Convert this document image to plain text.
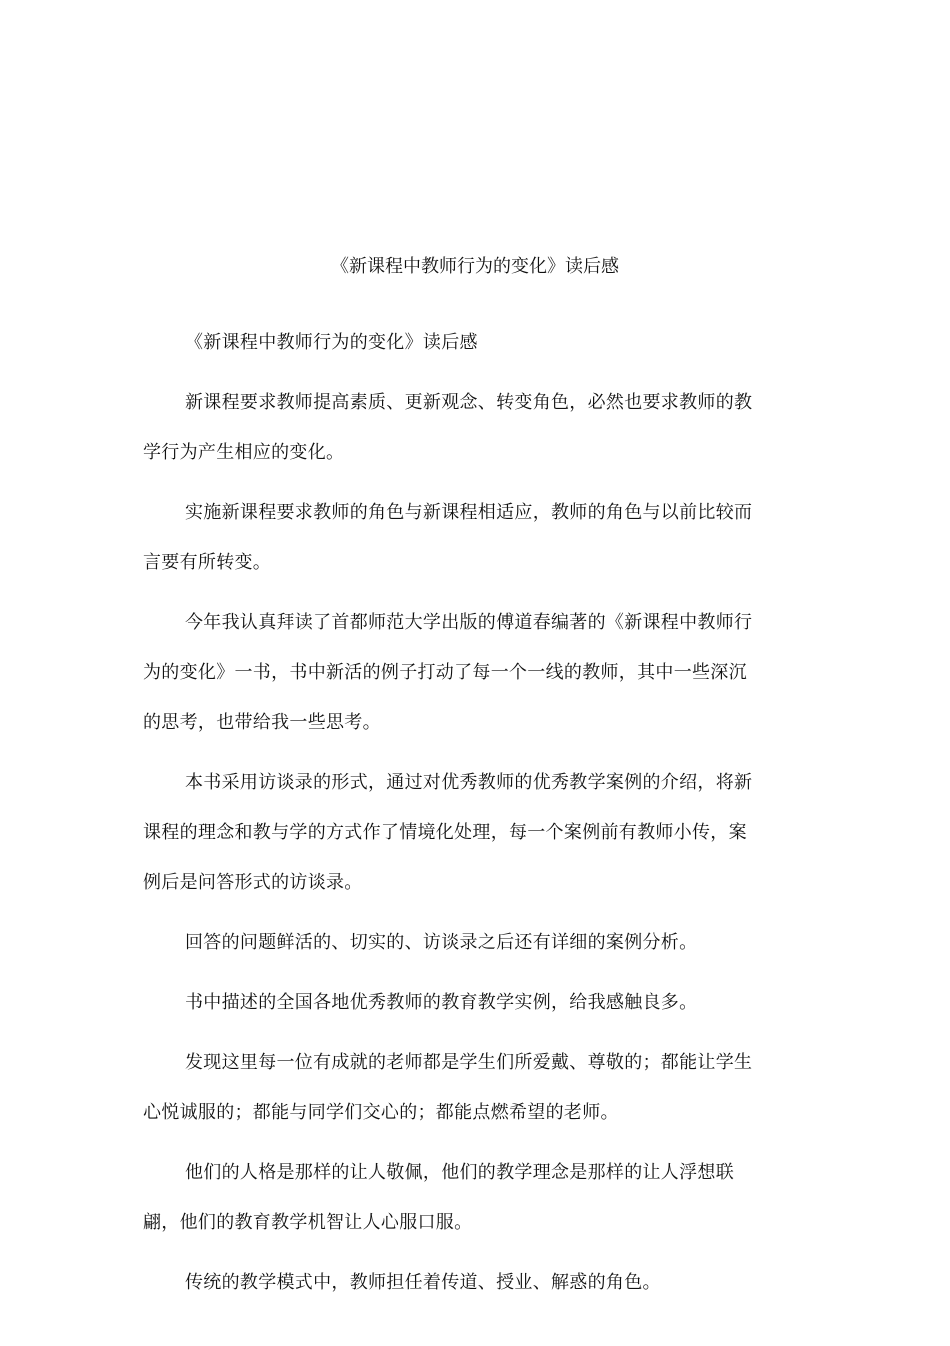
《新课程中教师行为的变化》读后感

《新课程中教师行为的变化》读后感

新课程要求教师提高素质、更新观念、转变角色，必然也要求教师的教学行为产生相应的变化。

实施新课程要求教师的角色与新课程相适应，教师的角色与以前比较而言要有所转变。

今年我认真拜读了首都师范大学出版的傅道春编著的《新课程中教师行为的变化》一书，书中新活的例子打动了每一个一线的教师，其中一些深沉的思考，也带给我一些思考。

本书采用访谈录的形式，通过对优秀教师的优秀教学案例的介绍，将新课程的理念和教与学的方式作了情境化处理，每一个案例前有教师小传，案例后是问答形式的访谈录。

回答的问题鲜活的、切实的、访谈录之后还有详细的案例分析。

书中描述的全国各地优秀教师的教育教学实例，给我感触良多。

发现这里每一位有成就的老师都是学生们所爱戴、尊敬的；都能让学生心悦诚服的；都能与同学们交心的；都能点燃希望的老师。

他们的人格是那样的让人敬佩，他们的教学理念是那样的让人浮想联翩，他们的教育教学机智让人心服口服。

传统的教学模式中，教师担任着传道、授业、解惑的角色。
